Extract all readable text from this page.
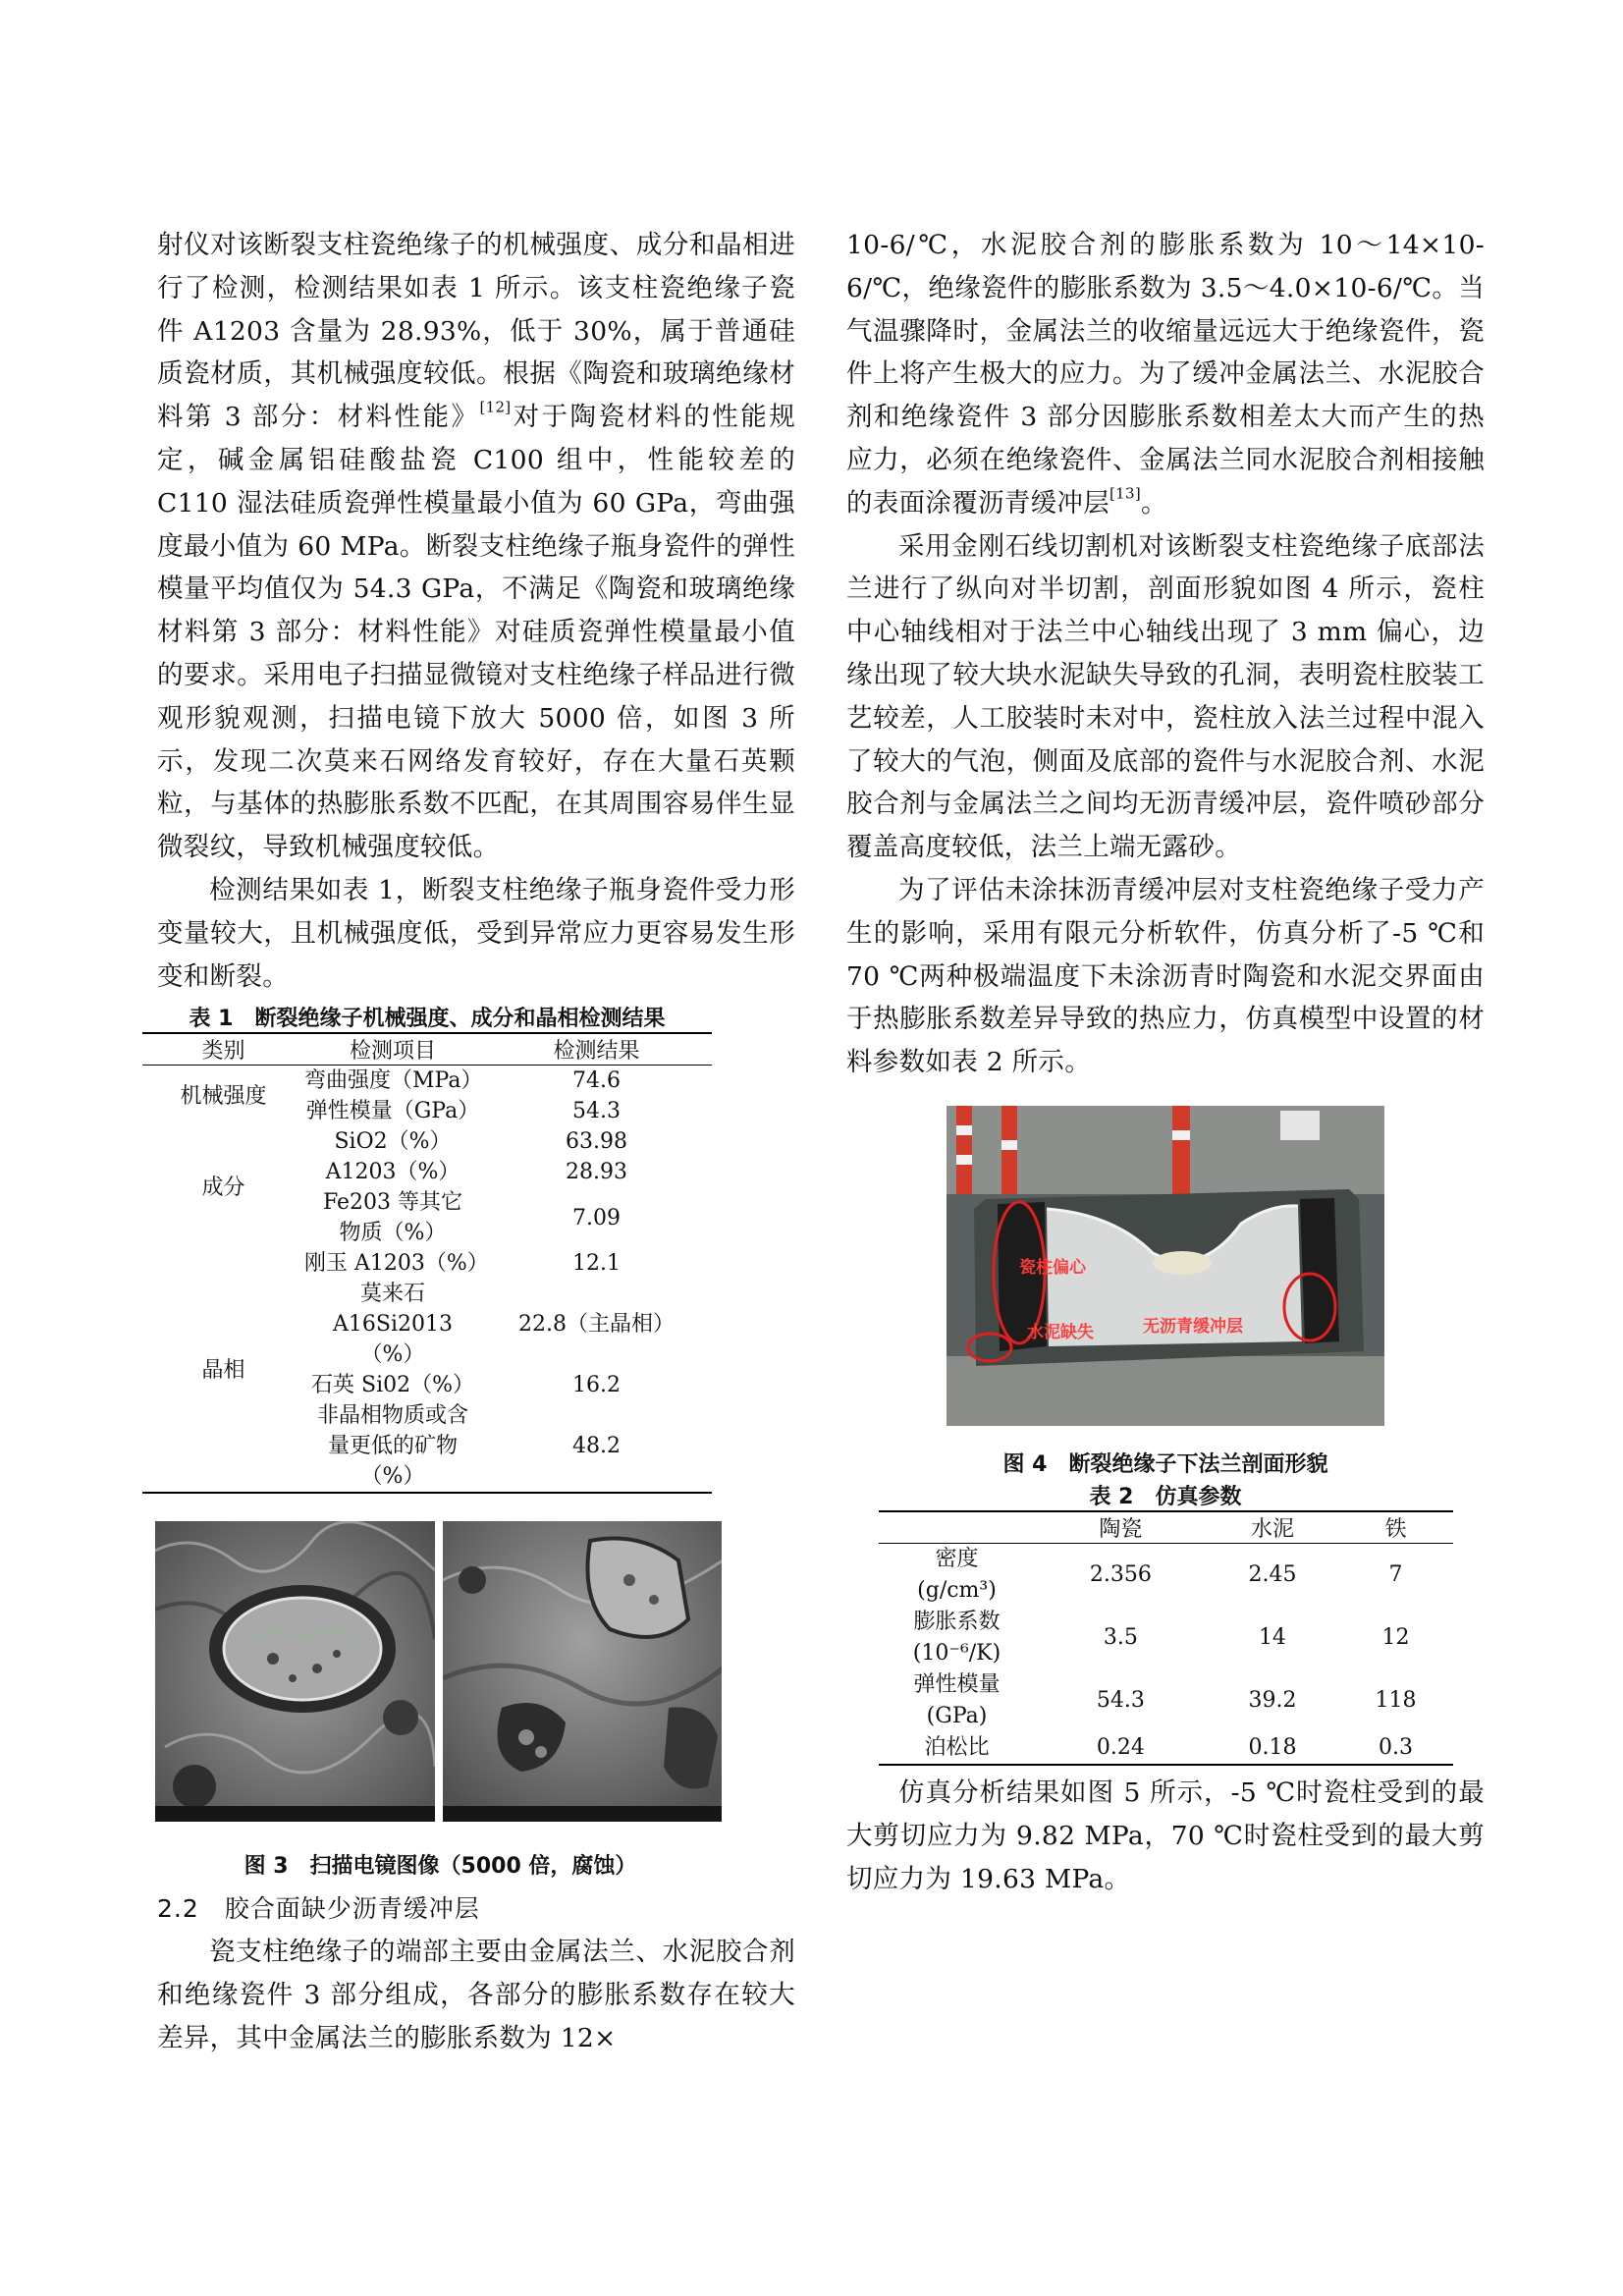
射仪对该断裂支柱瓷绝缘子的机械强度、成分和晶相进行了检测，检测结果如表 1 所示。该支柱瓷绝缘子瓷件 A1203 含量为 28.93%，低于 30%，属于普通硅质瓷材质，其机械强度较低。根据《陶瓷和玻璃绝缘材料第 3 部分：材料性能》[12]对于陶瓷材料的性能规定，碱金属铝硅酸盐瓷 C100 组中，性能较差的 C110 湿法硅质瓷弹性模量最小值为 60 GPa，弯曲强度最小值为 60 MPa。断裂支柱绝缘子瓶身瓷件的弹性模量平均值仅为 54.3 GPa，不满足《陶瓷和玻璃绝缘材料第 3 部分：材料性能》对硅质瓷弹性模量最小值的要求。采用电子扫描显微镜对支柱绝缘子样品进行微观形貌观测，扫描电镜下放大 5000 倍，如图 3 所示，发现二次莫来石网络发育较好，存在大量石英颗粒，与基体的热膨胀系数不匹配，在其周围容易伴生显微裂纹，导致机械强度较低。

检测结果如表 1，断裂支柱绝缘子瓶身瓷件受力形变量较大，且机械强度低，受到异常应力更容易发生形变和断裂。

表 1　断裂绝缘子机械强度、成分和晶相检测结果

类别	检测项目	检测结果
机械强度	弯曲强度（MPa）	74.6
	弹性模量（GPa）	54.3
成分	SiO2（%）	63.98
	A1203（%）	28.93
	Fe203 等其它物质（%）	7.09
晶相	刚玉 A1203（%）	12.1
	莫来石 A16Si2013（%）	22.8（主晶相）
	石英 Si02（%）	16.2
	非晶相物质或含量更低的矿物（%）	48.2

图 3　扫描电镜图像（5000 倍，腐蚀）

2.2　胶合面缺少沥青缓冲层

瓷支柱绝缘子的端部主要由金属法兰、水泥胶合剂和绝缘瓷件 3 部分组成，各部分的膨胀系数存在较大差异，其中金属法兰的膨胀系数为 12×

10-6/℃，水泥胶合剂的膨胀系数为 10～14×10-6/℃，绝缘瓷件的膨胀系数为 3.5～4.0×10-6/℃。当气温骤降时，金属法兰的收缩量远远大于绝缘瓷件，瓷件上将产生极大的应力。为了缓冲金属法兰、水泥胶合剂和绝缘瓷件 3 部分因膨胀系数相差太大而产生的热应力，必须在绝缘瓷件、金属法兰同水泥胶合剂相接触的表面涂覆沥青缓冲层[13]。

采用金刚石线切割机对该断裂支柱瓷绝缘子底部法兰进行了纵向对半切割，剖面形貌如图 4 所示，瓷柱中心轴线相对于法兰中心轴线出现了 3 mm 偏心，边缘出现了较大块水泥缺失导致的孔洞，表明瓷柱胶装工艺较差，人工胶装时未对中，瓷柱放入法兰过程中混入了较大的气泡，侧面及底部的瓷件与水泥胶合剂、水泥胶合剂与金属法兰之间均无沥青缓冲层，瓷件喷砂部分覆盖高度较低，法兰上端无露砂。

为了评估未涂抹沥青缓冲层对支柱瓷绝缘子受力产生的影响，采用有限元分析软件，仿真分析了-5 ℃和 70 ℃两种极端温度下未涂沥青时陶瓷和水泥交界面由于热膨胀系数差异导致的热应力，仿真模型中设置的材料参数如表 2 所示。

瓷柱偏心
水泥缺失	无沥青缓冲层

图 4　断裂绝缘子下法兰剖面形貌

表 2　仿真参数

	陶瓷	水泥	铁

密度
(g/cm³)	2.356	2.45	7

膨胀系数
(10⁻⁶/K)	3.5	14	12

弹性模量
(GPa)	54.3	39.2	118
泊松比	0.24	0.18	0.3

仿真分析结果如图 5 所示，-5 ℃时瓷柱受到的最大剪切应力为 9.82 MPa，70 ℃时瓷柱受到的最大剪切应力为 19.63 MPa。
